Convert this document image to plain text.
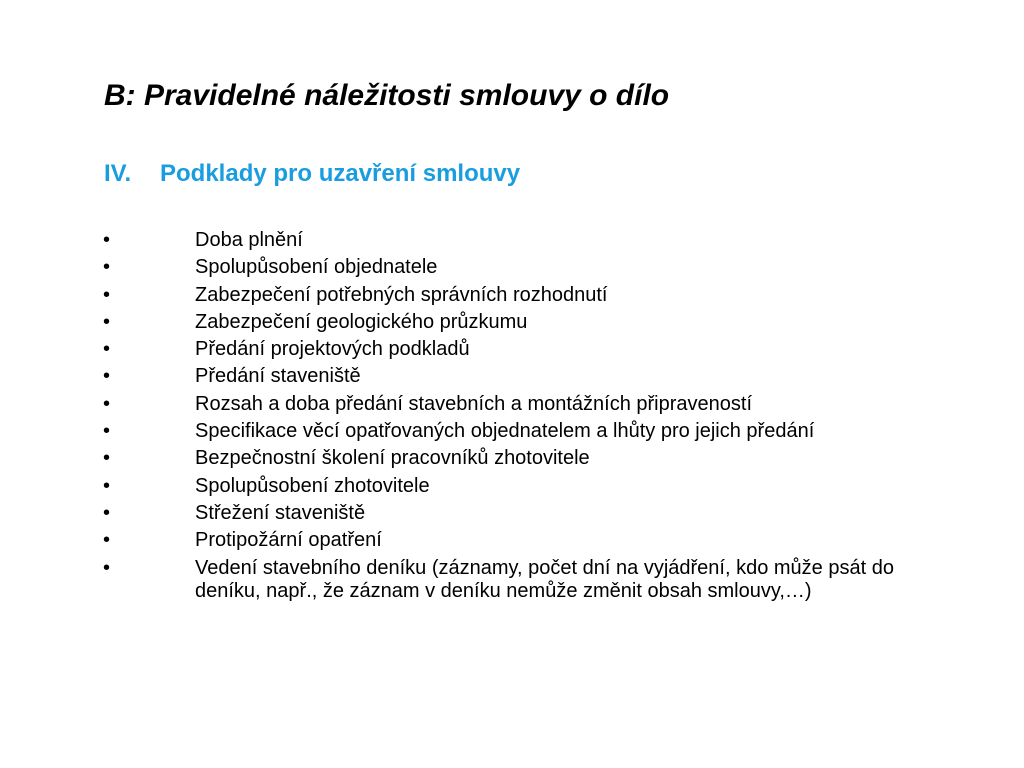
B: Pravidelné náležitosti smlouvy o dílo
IV. Podklady pro uzavření smlouvy
•	Doba plnění
•	Spolupůsobení objednatele
•	Zabezpečení potřebných správních rozhodnutí
•	Zabezpečení geologického průzkumu
•	Předání projektových podkladů
•	Předání staveniště
•	Rozsah a doba předání stavebních a montážních připraveností
•	Specifikace věcí opatřovaných objednatelem a lhůty pro jejich předání
•	Bezpečnostní školení pracovníků zhotovitele
•	Spolupůsobení zhotovitele
•	Střežení staveniště
•	Protipožární opatření
•	Vedení stavebního deníku (záznamy, počet dní na vyjádření, kdo může psát do deníku, např., že záznam v deníku nemůže změnit obsah smlouvy,…)
